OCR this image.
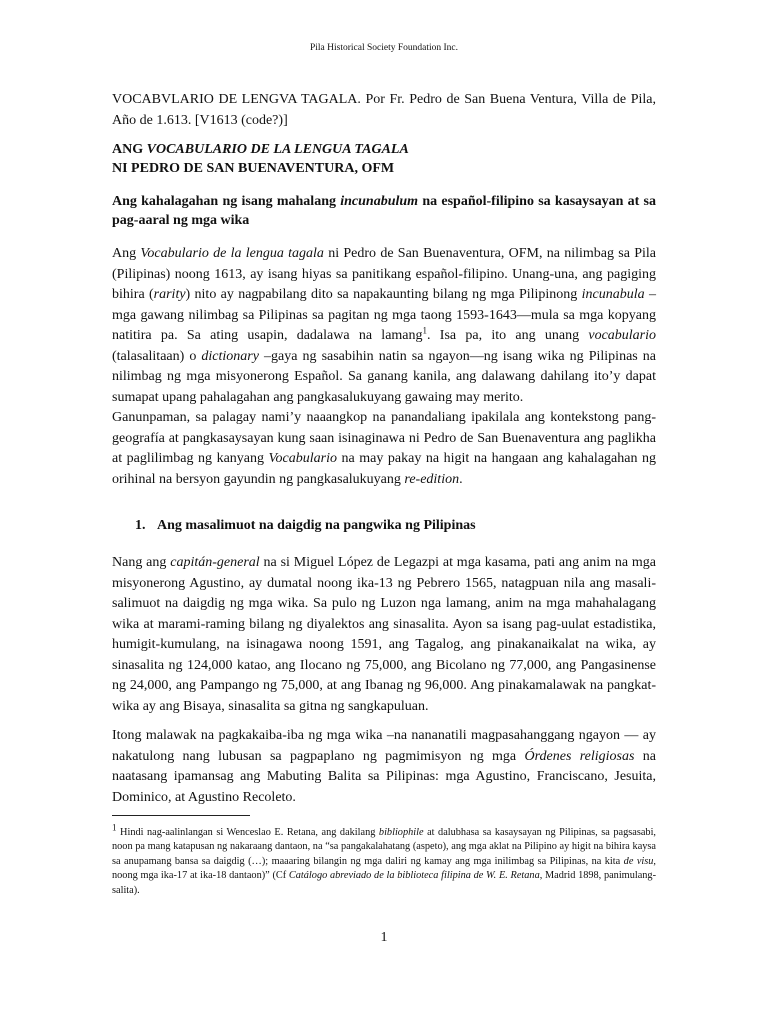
Pila Historical Society Foundation Inc.
VOCABVLARIO DE LENGVA TAGALA. Por Fr. Pedro de San Buena Ventura, Villa de Pila, Año de 1.613. [V1613 (code?)]
ANG VOCABULARIO DE LA LENGUA TAGALA
NI PEDRO DE SAN BUENAVENTURA, OFM
Ang kahalagahan ng isang mahalang incunabulum na español-filipino sa kasaysayan at sa pag-aaral ng mga wika
Ang Vocabulario de la lengua tagala ni Pedro de San Buenaventura, OFM, na nilimbag sa Pila (Pilipinas) noong 1613, ay isang hiyas sa panitikang español-filipino. Unang-una, ang pagiging bihira (rarity) nito ay nagpabilang dito sa napakaunting bilang ng mga Pilipinong incunabula –mga gawang nilimbag sa Pilipinas sa pagitan ng mga taong 1593-1643—mula sa mga kopyang natitira pa. Sa ating usapin, dadalawa na lamang$^1$. Isa pa, ito ang unang vocabulario (talasalitaan) o dictionary –gaya ng sasabihin natin sa ngayon—ng isang wika ng Pilipinas na nilimbag ng mga misyonerong Español. Sa ganang kanila, ang dalawang dahilang ito’y dapat sumapat upang pahalagahan ang pangkasalukuyang gawaing may merito.
Ganunpaman, sa palagay nami’y naaangkop na panandaliang ipakilala ang kontekstong pang- geografía at pangkasaysayan kung saan isinaginawa ni Pedro de San Buenaventura ang paglikha at paglilimbag ng kanyang Vocabulario na may pakay na higit na hangaan ang kahalagahan ng orihinal na bersyon gayundin ng pangkasalukuyang re-edition.
1. Ang masalimuot na daigdig na pangwika ng Pilipinas
Nang ang capitán-general na si Miguel López de Legazpi at mga kasama, pati ang anim na mga misyonerong Agustino, ay dumatal noong ika-13 ng Pebrero 1565, natagpuan nila ang masali-salimuot na daigdig ng mga wika. Sa pulo ng Luzon nga lamang, anim na mga mahahalagang wika at marami-raming bilang ng diyalektos ang sinasalita. Ayon sa isang pag-uulat estadistika, humigit-kumulang, na isinagawa noong 1591, ang Tagalog, ang pinakanaikalat na wika, ay sinasalita ng 124,000 katao, ang Ilocano ng 75,000, ang Bicolano ng 77,000, ang Pangasinense ng 24,000, ang Pampango ng 75,000, at ang Ibanag ng 96,000. Ang pinakamalawak na pangkat-wika ay ang Bisaya, sinasalita sa gitna ng sangkapuluan.
Itong malawak na pagkakaiba-iba ng mga wika –na nananatili magpasahanggang ngayon — ay nakatulong nang lubusan sa pagpaplano ng pagmimisyon ng mga Órdenes religiosas na naatasang ipamansag ang Mabuting Balita sa Pilipinas: mga Agustino, Franciscano, Jesuita, Dominico, at Agustino Recoleto.
$^1$ Hindi nag-aalinlangan si Wenceslao E. Retana, ang dakilang bibliophile at dalubhasa sa kasaysayan ng Pilipinas, sa pagsasabi, noon pa mang katapusan ng nakaraang dantaon, na “sa pangakalahatang (aspeto), ang mga aklat na Pilipino ay higit na bihira kaysa sa anupamang bansa sa daigdig (…); maaaring bilangin ng mga daliri ng kamay ang mga inilimbag sa Pilipinas, na kita de visu, noong mga ika-17 at ika-18 dantaon)” (Cf Catálogo abreviado de la biblioteca filipina de W. E. Retana, Madrid 1898, panimulang-salita).
1
